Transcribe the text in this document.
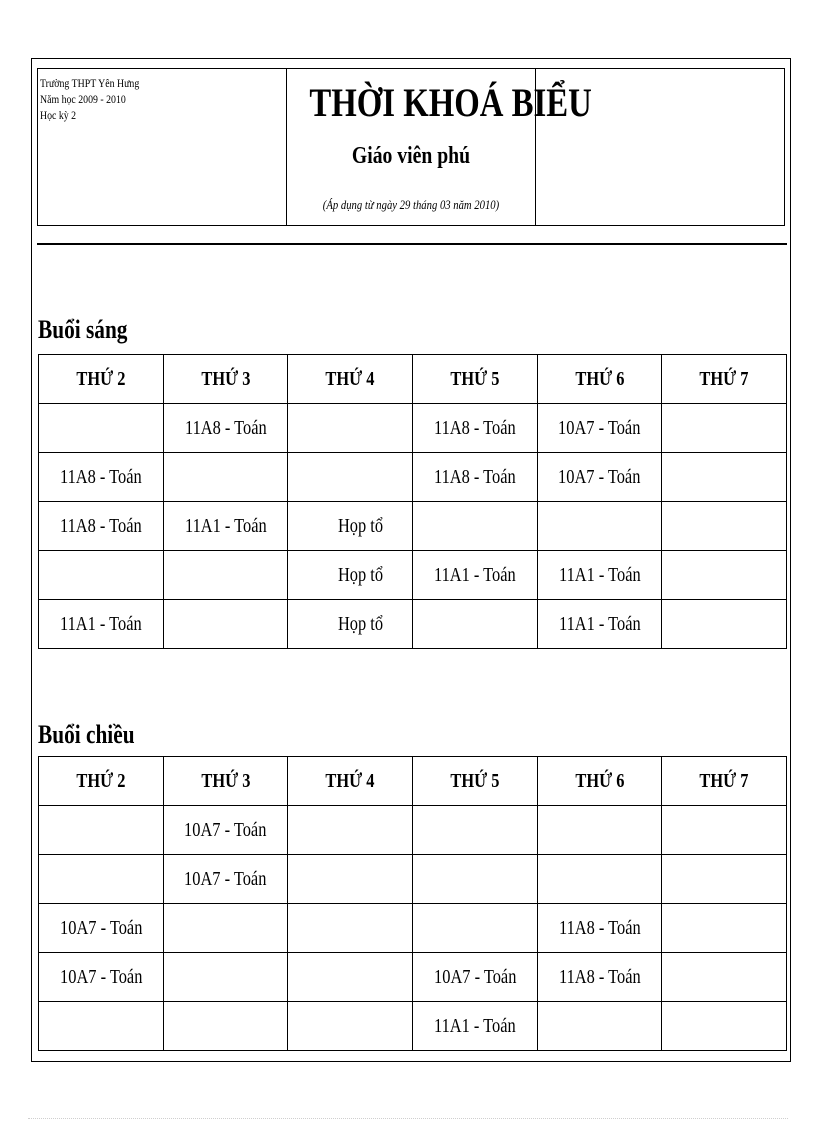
Trường THPT Yên Hưng
Năm học 2009 - 2010
Học kỳ 2	THỜI KHOÁ BIỂU
Giáo viên phú
(Áp dụng từ ngày 29 tháng 03 năm 2010)
Buổi sáng
THỨ 2	THỨ 3	THỨ 4	THỨ 5	THỨ 6	THỨ 7
	11A8 - Toán		11A8 - Toán	10A7 - Toán	
11A8 - Toán			11A8 - Toán	10A7 - Toán	
11A8 - Toán	11A1 - Toán	Họp tổ			
		Họp tổ	11A1 - Toán	11A1 - Toán	
11A1 - Toán		Họp tổ		11A1 - Toán	
Buổi chiều
THỨ 2	THỨ 3	THỨ 4	THỨ 5	THỨ 6	THỨ 7
	10A7 - Toán				
	10A7 - Toán				
10A7 - Toán				11A8 - Toán	
10A7 - Toán			10A7 - Toán	11A8 - Toán	
			11A1 - Toán		
